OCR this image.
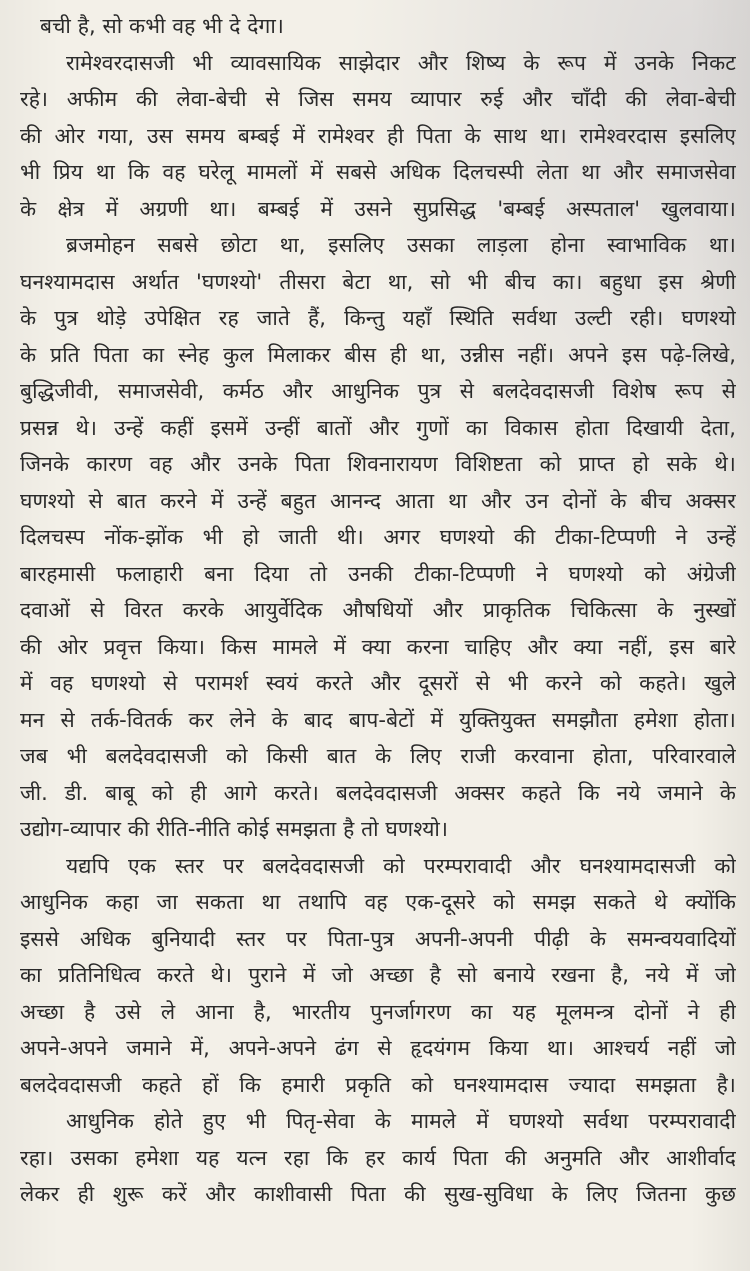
बची है, सो कभी वह भी दे देगा।

रामेश्वरदासजी भी व्यावसायिक साझेदार और शिष्य के रूप में उनके निकट
रहे। अफीम की लेवा-बेची से जिस समय व्यापार रुई और चाँदी की लेवा-बेची
की ओर गया, उस समय बम्बई में रामेश्वर ही पिता के साथ था। रामेश्वरदास इसलिए
भी प्रिय था कि वह घरेलू मामलों में सबसे अधिक दिलचस्पी लेता था और समाजसेवा
के क्षेत्र में अग्रणी था। बम्बई में उसने सुप्रसिद्ध 'बम्बई अस्पताल' खुलवाया।

ब्रजमोहन सबसे छोटा था, इसलिए उसका लाड़ला होना स्वाभाविक था।
घनश्यामदास अर्थात 'घणश्यो' तीसरा बेटा था, सो भी बीच का। बहुधा इस श्रेणी
के पुत्र थोड़े उपेक्षित रह जाते हैं, किन्तु यहाँ स्थिति सर्वथा उल्टी रही। घणश्यो
के प्रति पिता का स्नेह कुल मिलाकर बीस ही था, उन्नीस नहीं। अपने इस पढ़े-लिखे,
बुद्धिजीवी, समाजसेवी, कर्मठ और आधुनिक पुत्र से बलदेवदासजी विशेष रूप से
प्रसन्न थे। उन्हें कहीं इसमें उन्हीं बातों और गुणों का विकास होता दिखायी देता,
जिनके कारण वह और उनके पिता शिवनारायण विशिष्टता को प्राप्त हो सके थे।
घणश्यो से बात करने में उन्हें बहुत आनन्द आता था और उन दोनों के बीच अक्सर
दिलचस्प नोंक-झोंक भी हो जाती थी। अगर घणश्यो की टीका-टिप्पणी ने उन्हें
बारहमासी फलाहारी बना दिया तो उनकी टीका-टिप्पणी ने घणश्यो को अंग्रेजी
दवाओं से विरत करके आयुर्वेदिक औषधियों और प्राकृतिक चिकित्सा के नुस्खों
की ओर प्रवृत्त किया। किस मामले में क्या करना चाहिए और क्या नहीं, इस बारे
में वह घणश्यो से परामर्श स्वयं करते और दूसरों से भी करने को कहते। खुले
मन से तर्क-वितर्क कर लेने के बाद बाप-बेटों में युक्तियुक्त समझौता हमेशा होता।
जब भी बलदेवदासजी को किसी बात के लिए राजी करवाना होता, परिवारवाले
जी. डी. बाबू को ही आगे करते। बलदेवदासजी अक्सर कहते कि नये जमाने के
उद्योग-व्यापार की रीति-नीति कोई समझता है तो घणश्यो।

यद्यपि एक स्तर पर बलदेवदासजी को परम्परावादी और घनश्यामदासजी को
आधुनिक कहा जा सकता था तथापि वह एक-दूसरे को समझ सकते थे क्योंकि
इससे अधिक बुनियादी स्तर पर पिता-पुत्र अपनी-अपनी पीढ़ी के समन्वयवादियों
का प्रतिनिधित्व करते थे। पुराने में जो अच्छा है सो बनाये रखना है, नये में जो
अच्छा है उसे ले आना है, भारतीय पुनर्जागरण का यह मूलमन्त्र दोनों ने ही
अपने-अपने जमाने में, अपने-अपने ढंग से हृदयंगम किया था। आश्चर्य नहीं जो
बलदेवदासजी कहते हों कि हमारी प्रकृति को घनश्यामदास ज्यादा समझता है।

आधुनिक होते हुए भी पितृ-सेवा के मामले में घणश्यो सर्वथा परम्परावादी
रहा। उसका हमेशा यह यत्न रहा कि हर कार्य पिता की अनुमति और आशीर्वाद
लेकर ही शुरू करें और काशीवासी पिता की सुख-सुविधा के लिए जितना कुछ
